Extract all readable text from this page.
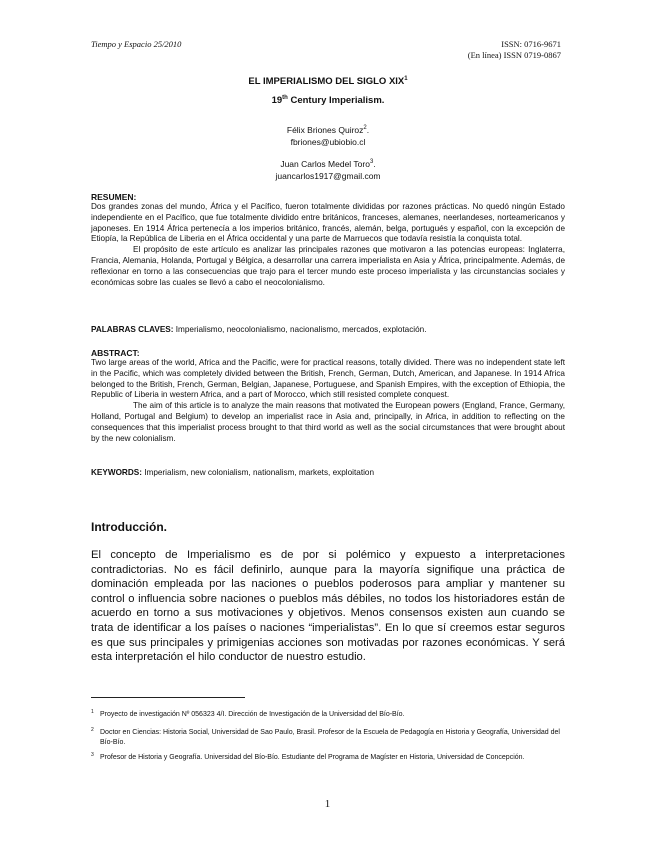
Tiempo y Espacio 25/2010	ISSN: 0716-9671
(En línea) ISSN 0719-0867
EL IMPERIALISMO DEL SIGLO XIX$^1$
19th Century Imperialism.
Félix Briones Quiroz$^2$.
fbriones@ubiobio.cl
Juan Carlos Medel Toro$^3$.
juancarlos1917@gmail.com
RESUMEN:

Dos grandes zonas del mundo, África y el Pacífico, fueron totalmente divididas por razones prácticas. No quedó ningún Estado independiente en el Pacífico, que fue totalmente dividido entre británicos, franceses, alemanes, neerlandeses, norteamericanos y japoneses. En 1914 África pertenecía a los imperios británico, francés, alemán, belga, portugués y español, con la excepción de Etiopía, la República de Liberia en el África occidental y una parte de Marruecos que todavía resistía la conquista total.

El propósito de este artículo es analizar las principales razones que motivaron a las potencias europeas: Inglaterra, Francia, Alemania, Holanda, Portugal y Bélgica, a desarrollar una carrera imperialista en Asia y África, principalmente. Además, de reflexionar en torno a las consecuencias que trajo para el tercer mundo este proceso imperialista y las circunstancias sociales y económicas sobre las cuales se llevó a cabo el neocolonialismo.

PALABRAS CLAVES: Imperialismo, neocolonialismo, nacionalismo, mercados, explotación.
ABSTRACT:

Two large areas of the world, Africa and the Pacific, were for practical reasons, totally divided. There was no independent state left in the Pacific, which was completely divided between the British, French, German, Dutch, American, and Japanese. In 1914 Africa belonged to the British, French, German, Belgian, Japanese, Portuguese, and Spanish Empires, with the exception of Ethiopia, the Republic of Liberia in western Africa, and a part of Morocco, which still resisted complete conquest.

The aim of this article is to analyze the main reasons that motivated the European powers (England, France, Germany, Holland, Portugal and Belgium) to develop an imperialist race in Asia and, principally, in Africa, in addition to reflecting on the consequences that this imperialist process brought to that third world as well as the social circumstances that were brought about by the new colonialism.

KEYWORDS: Imperialism, new colonialism, nationalism, markets, exploitation
Introducción.
El concepto de Imperialismo es de por si polémico y expuesto a interpretaciones contradictorias. No es fácil definirlo, aunque para la mayoría signifique una práctica de dominación empleada por las naciones o pueblos poderosos para ampliar y mantener su control o influencia sobre naciones o pueblos más débiles, no todos los historiadores están de acuerdo en torno a sus motivaciones y objetivos. Menos consensos existen aun cuando se trata de identificar a los países o naciones “imperialistas”. En lo que sí creemos estar seguros es que sus principales y primigenias acciones son motivadas por razones económicas. Y será esta interpretación el hilo conductor de nuestro estudio.
1 Proyecto de investigación Nº 056323 4/I. Dirección de Investigación de la Universidad del Bío-Bío.
2 Doctor en Ciencias: Historia Social, Universidad de Sao Paulo, Brasil. Profesor de la Escuela de Pedagogía en Historia y Geografía, Universidad del Bío-Bío.
3 Profesor de Historia y Geografía. Universidad del Bío-Bío. Estudiante del Programa de Magíster en Historia, Universidad de Concepción.
1
